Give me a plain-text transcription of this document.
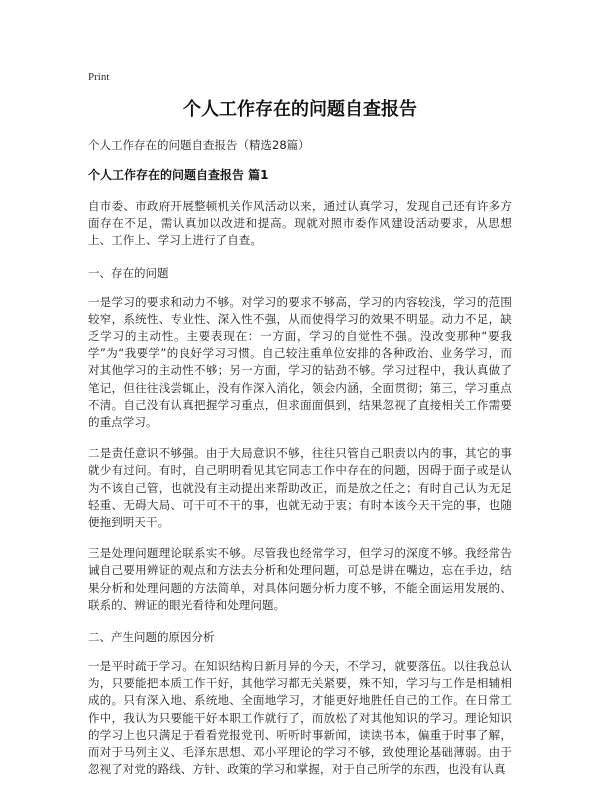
Print
个人工作存在的问题自查报告
个人工作存在的问题自查报告（精选28篇）
个人工作存在的问题自查报告 篇1
自市委、市政府开展整顿机关作风活动以来，通过认真学习，发现自己还有许多方面存在不足，需认真加以改进和提高。现就对照市委作风建设活动要求，从思想上、工作上、学习上进行了自查。
一、存在的问题
一是学习的要求和动力不够。对学习的要求不够高，学习的内容较浅，学习的范围较窄，系统性、专业性、深入性不强，从而使得学习的效果不明显。动力不足，缺乏学习的主动性。主要表现在：一方面，学习的自觉性不强。没改变那种“要我学”为“我要学”的良好学习习惯。自己较注重单位安排的各种政治、业务学习，而对其他学习的主动性不够；另一方面，学习的钻劲不够。学习过程中，我认真做了笔记，但往往浅尝辄止，没有作深入消化，领会内涵，全面贯彻；第三，学习重点不清。自己没有认真把握学习重点，但求面面俱到，结果忽视了直接相关工作需要的重点学习。
二是责任意识不够强。由于大局意识不够，往往只管自己职责以内的事，其它的事就少有过问。有时，自己明明看见其它同志工作中存在的问题，因碍于面子或是认为不该自己管，也就没有主动提出来帮助改正，而是放之任之；有时自己认为无足轻重、无碍大局、可干可不干的事，也就无动于衷；有时本该今天干完的事，也随便拖到明天干。
三是处理问题理论联系实不够。尽管我也经常学习，但学习的深度不够。我经常告诫自己要用辨证的观点和方法去分析和处理问题，可总是讲在嘴边，忘在手边，结果分析和处理问题的方法简单，对具体问题分析力度不够，不能全面运用发展的、联系的、辨证的眼光看待和处理问题。
二、产生问题的原因分析
一是平时疏于学习。在知识结构日新月异的今天，不学习，就要落伍。以往我总认为，只要能把本质工作干好，其他学习都无关紧要，殊不知，学习与工作是相辅相成的。只有深入地、系统地、全面地学习，才能更好地胜任自己的工作。在日常工作中，我认为只要能干好本职工作就行了，而放松了对其他知识的学习。理论知识的学习上也只满足于看看党报党刊、听听时事新闻，读读书本，偏重于时事了解，而对于马列主义、毛泽东思想、邓小平理论的学习不够，致使理论基础薄弱。由于忽视了对党的路线、方针、政策的学习和掌握，对于自己所学的东西，也没有认真
